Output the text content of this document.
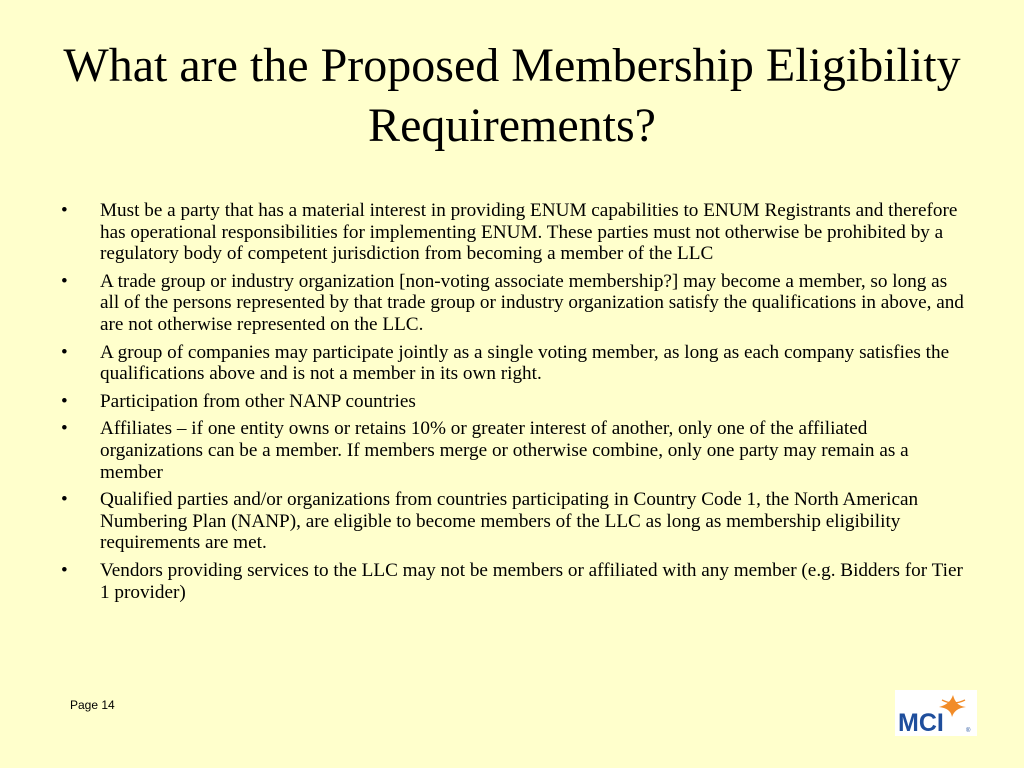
What are the Proposed Membership Eligibility Requirements?
•	Must be a party that has a material interest in providing ENUM capabilities to ENUM Registrants and therefore has operational responsibilities for implementing ENUM. These parties must not otherwise be prohibited by a regulatory body of competent jurisdiction from becoming a member of the LLC
•	A trade group or industry organization [non-voting associate membership?] may become a member, so long as all of the persons represented by that trade group or industry organization satisfy the qualifications in above, and are not otherwise represented on the LLC.
•	A group of companies may participate jointly as a single voting member, as long as each company satisfies the qualifications above and is not a member in its own right.
•	Participation from other NANP countries
•	Affiliates – if one entity owns or retains 10% or greater interest of another, only one of the affiliated organizations can be a member. If members merge or otherwise combine, only one party may remain as a member
•	Qualified parties and/or organizations from countries participating in Country Code 1, the North American Numbering Plan (NANP), are eligible to become members of the LLC as long as membership eligibility requirements are met.
•	Vendors providing services to the LLC may not be members or affiliated with any member (e.g. Bidders for Tier 1 provider)
Page 14
MCI	®
